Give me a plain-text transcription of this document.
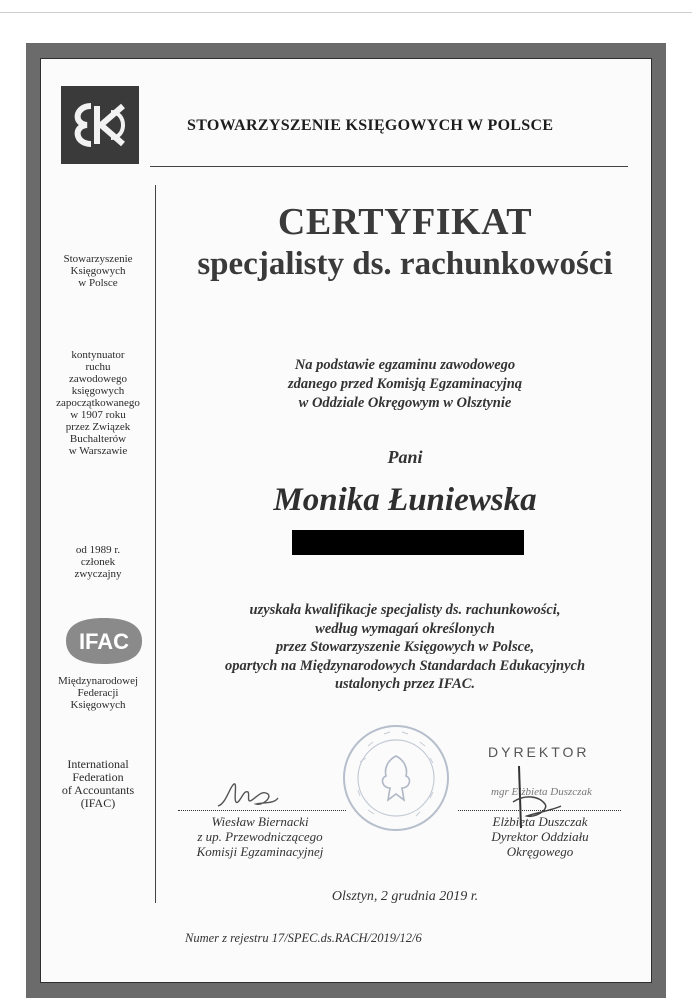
STOWARZYSZENIE KSIĘGOWYCH W POLSCE
Stowarzyszenie
Księgowych
w Polsce
kontynuator
ruchu
zawodowego
księgowych
zapoczątkowanego
w 1907 roku
przez Związek
Buchalterów
w Warszawie
od 1989 r.
członek
zwyczajny
IFAC
Międzynarodowej
Federacji
Księgowych
International
Federation
of Accountants
(IFAC)
CERTYFIKAT
specjalisty ds. rachunkowości
Na podstawie egzaminu zawodowego
zdanego przed Komisją Egzaminacyjną
w Oddziale Okręgowym w Olsztynie
Pani
Monika Łuniewska
uzyskała kwalifikacje specjalisty ds. rachunkowości,
według wymagań określonych
przez Stowarzyszenie Księgowych w Polsce,
opartych na Międzynarodowych Standardach Edukacyjnych
ustalonych przez IFAC.
DYREKTOR
mgr Elżbieta Duszczak
Wiesław Biernacki
z up. Przewodniczącego
Komisji Egzaminacyjnej
Elżbieta Duszczak
Dyrektor Oddziału
Okręgowego
Olsztyn, 2 grudnia 2019 r.
Numer z rejestru 17/SPEC.ds.RACH/2019/12/6
